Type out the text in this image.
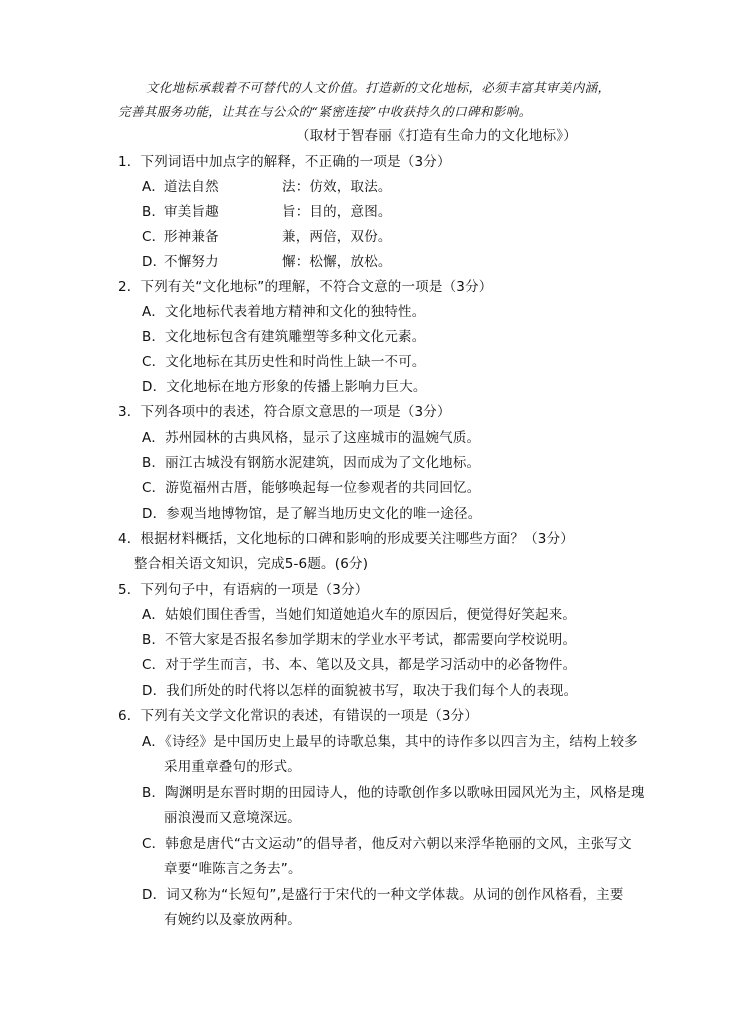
文化地标承载着不可替代的人文价值。打造新的文化地标，必须丰富其审美内涵，
完善其服务功能，让其在与公众的“紧密连接”中收获持久的口碑和影响。
（取材于智春丽《打造有生命力的文化地标》）
1．下列词语中加点字的解释，不正确的一项是（3分）
A．道法自然	法：仿效，取法。
B．审美旨趣	旨：目的，意图。
C．形神兼备	兼，两倍，双份。
D．不懈努力	懈：松懈，放松。
2．下列有关“文化地标”的理解，不符合文意的一项是（3分）
A．文化地标代表着地方精神和文化的独特性。
B．文化地标包含有建筑雕塑等多种文化元素。
C．文化地标在其历史性和时尚性上缺一不可。
D．文化地标在地方形象的传播上影响力巨大。
3．下列各项中的表述，符合原文意思的一项是（3分）
A．苏州园林的古典风格，显示了这座城市的温婉气质。
B．丽江古城没有钢筋水泥建筑，因而成为了文化地标。
C．游览福州古厝，能够唤起每一位参观者的共同回忆。
D．参观当地博物馆，是了解当地历史文化的唯一途径。
4．根据材料概括，文化地标的口碑和影响的形成要关注哪些方面？（3分）
整合相关语文知识，完成5-6题。(6分)
5．下列句子中，有语病的一项是（3分）
A．姑娘们围住香雪，当她们知道她追火车的原因后，便觉得好笑起来。
B．不管大家是否报名参加学期末的学业水平考试，都需要向学校说明。
C．对于学生而言，书、本、笔以及文具，都是学习活动中的必备物件。
D．我们所处的时代将以怎样的面貌被书写，取决于我们每个人的表现。
6．下列有关文学文化常识的表述，有错误的一项是（3分）
A．《诗经》是中国历史上最早的诗歌总集，其中的诗作多以四言为主，结构上较多
采用重章叠句的形式。
B．陶渊明是东晋时期的田园诗人，他的诗歌创作多以歌咏田园风光为主，风格是瑰
丽浪漫而又意境深远。
C．韩愈是唐代“古文运动”的倡导者，他反对六朝以来浮华艳丽的文风，主张写文
章要“唯陈言之务去”。
D．词又称为“长短句”,是盛行于宋代的一种文学体裁。从词的创作风格看，主要
有婉约以及豪放两种。
